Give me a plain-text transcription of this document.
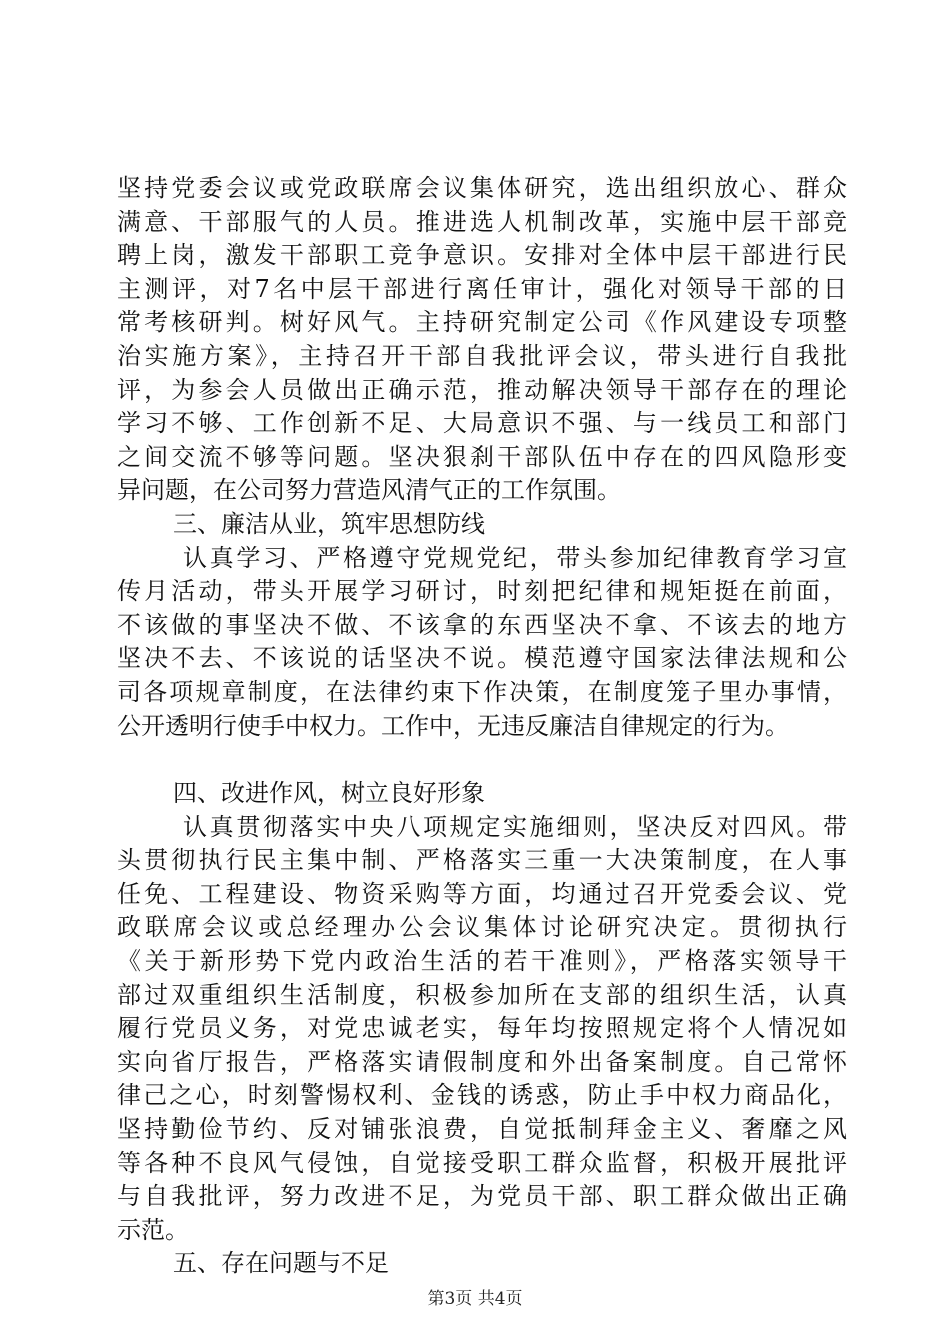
坚持党委会议或党政联席会议集体研究，选出组织放心、群众
满意、干部服气的人员。推进选人机制改革，实施中层干部竞
聘上岗，激发干部职工竞争意识。安排对全体中层干部进行民
主测评，对7名中层干部进行离任审计，强化对领导干部的日
常考核研判。树好风气。主持研究制定公司《作风建设专项整
治实施方案》，主持召开干部自我批评会议，带头进行自我批
评，为参会人员做出正确示范，推动解决领导干部存在的理论
学习不够、工作创新不足、大局意识不强、与一线员工和部门
之间交流不够等问题。坚决狠刹干部队伍中存在的四风隐形变
异问题，在公司努力营造风清气正的工作氛围。
三、廉洁从业，筑牢思想防线
认真学习、严格遵守党规党纪，带头参加纪律教育学习宣
传月活动，带头开展学习研讨，时刻把纪律和规矩挺在前面，
不该做的事坚决不做、不该拿的东西坚决不拿、不该去的地方
坚决不去、不该说的话坚决不说。模范遵守国家法律法规和公
司各项规章制度，在法律约束下作决策，在制度笼子里办事情，
公开透明行使手中权力。工作中，无违反廉洁自律规定的行为。
四、改进作风，树立良好形象
认真贯彻落实中央八项规定实施细则，坚决反对四风。带
头贯彻执行民主集中制、严格落实三重一大决策制度，在人事
任免、工程建设、物资采购等方面，均通过召开党委会议、党
政联席会议或总经理办公会议集体讨论研究决定。贯彻执行
《关于新形势下党内政治生活的若干准则》，严格落实领导干
部过双重组织生活制度，积极参加所在支部的组织生活，认真
履行党员义务，对党忠诚老实，每年均按照规定将个人情况如
实向省厅报告，严格落实请假制度和外出备案制度。自己常怀
律己之心，时刻警惕权利、金钱的诱惑，防止手中权力商品化，
坚持勤俭节约、反对铺张浪费，自觉抵制拜金主义、奢靡之风
等各种不良风气侵蚀，自觉接受职工群众监督，积极开展批评
与自我批评，努力改进不足，为党员干部、职工群众做出正确
示范。
五、存在问题与不足
第3页 共4页
